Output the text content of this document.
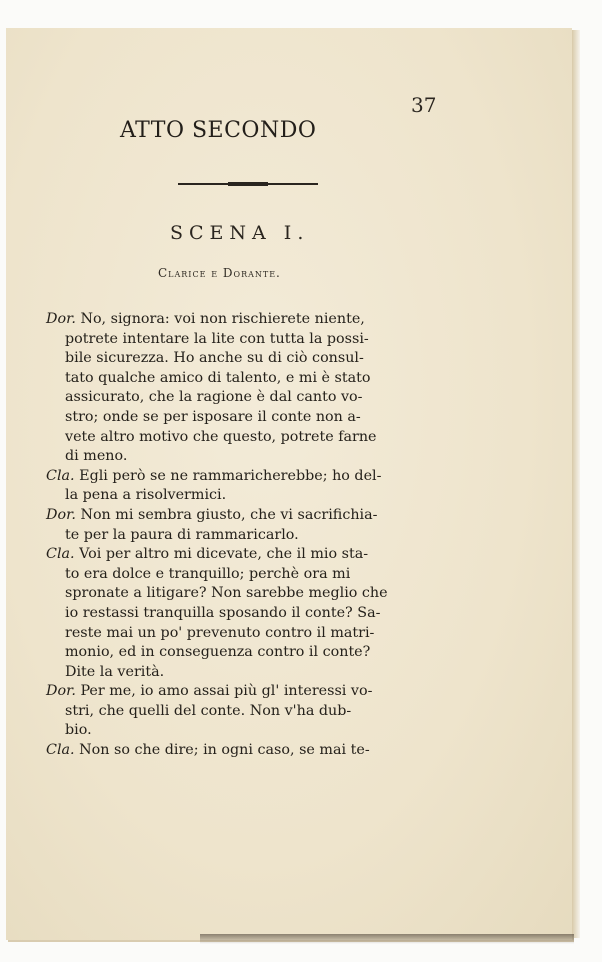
37
ATTO SECONDO
SCENA I.
Clarice e Dorante.
Dor. No, signora: voi non rischierete niente,
potrete intentare la lite con tutta la possi-
bile sicurezza. Ho anche su di ciò consul-
tato qualche amico di talento, e mi è stato
assicurato, che la ragione è dal canto vo-
stro; onde se per isposare il conte non a-
vete altro motivo che questo, potrete farne
di meno.
Cla. Egli però se ne rammaricherebbe; ho del-
la pena a risolvermici.
Dor. Non mi sembra giusto, che vi sacrifichia-
te per la paura di rammaricarlo.
Cla. Voi per altro mi dicevate, che il mio sta-
to era dolce e tranquillo; perchè ora mi
spronate a litigare? Non sarebbe meglio che
io restassi tranquilla sposando il conte? Sa-
reste mai un po' prevenuto contro il matri-
monio, ed in conseguenza contro il conte?
Dite la verità.
Dor. Per me, io amo assai più gl' interessi vo-
stri, che quelli del conte. Non v'ha dub-
bio.
Cla. Non so che dire; in ogni caso, se mai te-
